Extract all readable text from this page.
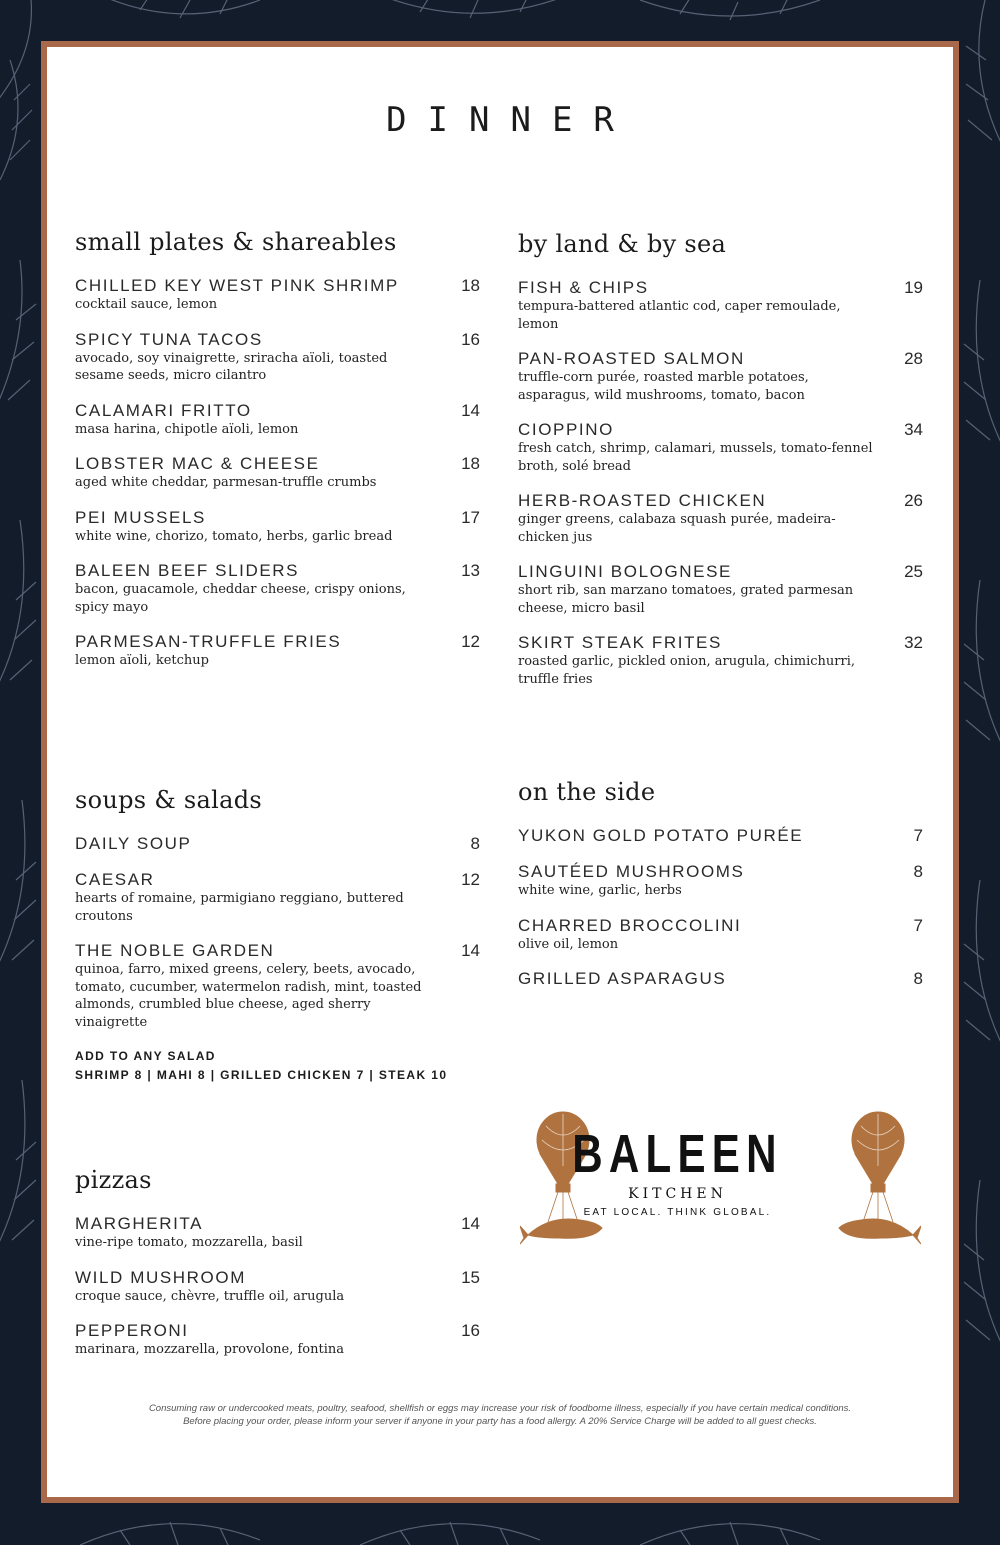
DINNER
small plates & shareables
CHILLED KEY WEST PINK SHRIMP	18
cocktail sauce, lemon
SPICY TUNA TACOS	16
avocado, soy vinaigrette, sriracha aïoli, toasted sesame seeds, micro cilantro
CALAMARI FRITTO	14
masa harina, chipotle aïoli, lemon
LOBSTER MAC & CHEESE	18
aged white cheddar, parmesan-truffle crumbs
PEI MUSSELS	17
white wine, chorizo, tomato, herbs, garlic bread
BALEEN BEEF SLIDERS	13
bacon, guacamole, cheddar cheese, crispy onions, spicy mayo
PARMESAN-TRUFFLE FRIES	12
lemon aïoli, ketchup
soups & salads
DAILY SOUP	8
CAESAR	12
hearts of romaine, parmigiano reggiano, buttered croutons
THE NOBLE GARDEN	14
quinoa, farro, mixed greens, celery, beets, avocado, tomato, cucumber, watermelon radish, mint, toasted almonds, crumbled blue cheese, aged sherry vinaigrette
ADD TO ANY SALAD
SHRIMP 8 | MAHI 8 | GRILLED CHICKEN 7 | STEAK 10
pizzas
MARGHERITA	14
vine-ripe tomato, mozzarella, basil
WILD MUSHROOM	15
croque sauce, chèvre, truffle oil, arugula
PEPPERONI	16
marinara, mozzarella, provolone, fontina
by land & by sea
FISH & CHIPS	19
tempura-battered atlantic cod, caper remoulade, lemon
PAN-ROASTED SALMON	28
truffle-corn purée, roasted marble potatoes, asparagus, wild mushrooms, tomato, bacon
CIOPPINO	34
fresh catch, shrimp, calamari, mussels, tomato-fennel broth, solé bread
HERB-ROASTED CHICKEN	26
ginger greens, calabaza squash purée, madeira-chicken jus
LINGUINI BOLOGNESE	25
short rib, san marzano tomatoes, grated parmesan cheese, micro basil
SKIRT STEAK FRITES	32
roasted garlic, pickled onion, arugula, chimichurri, truffle fries
on the side
YUKON GOLD POTATO PURÉE	7
SAUTÉED MUSHROOMS	8
white wine, garlic, herbs
CHARRED BROCCOLINI	7
olive oil, lemon
GRILLED ASPARAGUS	8
BALEEN
KITCHEN
EAT LOCAL. THINK GLOBAL.
Consuming raw or undercooked meats, poultry, seafood, shellfish or eggs may increase your risk of foodborne illness, especially if you have certain medical conditions.
Before placing your order, please inform your server if anyone in your party has a food allergy. A 20% Service Charge will be added to all guest checks.
